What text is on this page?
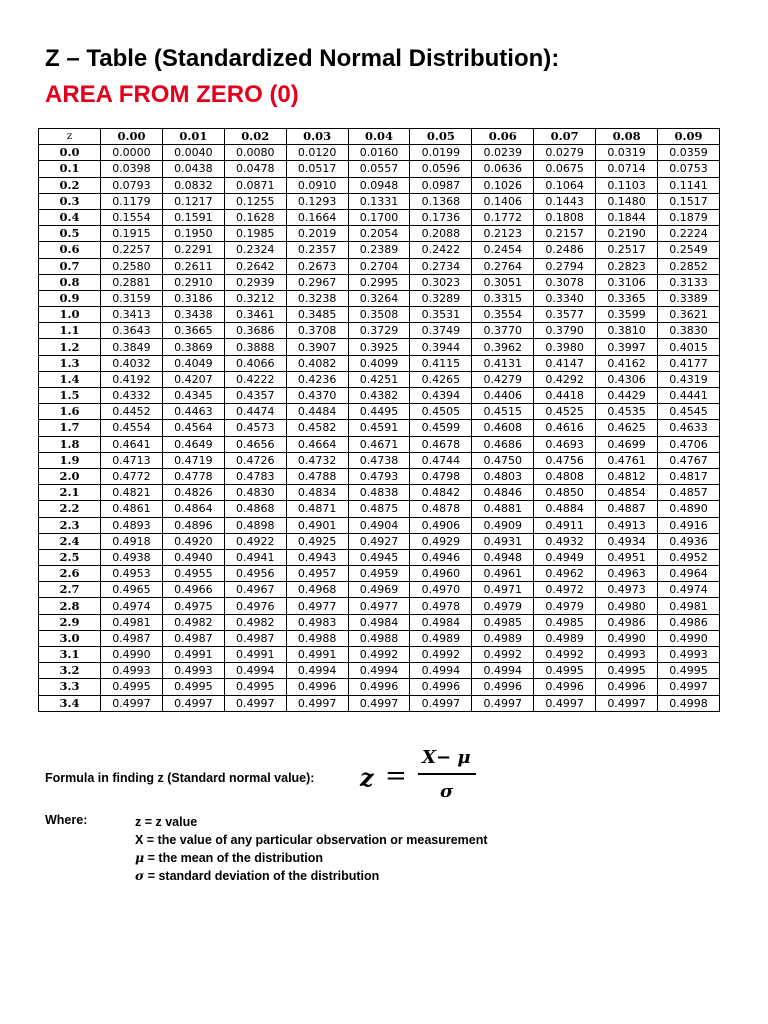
Z – Table (Standardized Normal Distribution):
AREA FROM ZERO (0)
z	0.00	0.01	0.02	0.03	0.04	0.05	0.06	0.07	0.08	0.09
0.0	0.0000	0.0040	0.0080	0.0120	0.0160	0.0199	0.0239	0.0279	0.0319	0.0359
0.1	0.0398	0.0438	0.0478	0.0517	0.0557	0.0596	0.0636	0.0675	0.0714	0.0753
0.2	0.0793	0.0832	0.0871	0.0910	0.0948	0.0987	0.1026	0.1064	0.1103	0.1141
0.3	0.1179	0.1217	0.1255	0.1293	0.1331	0.1368	0.1406	0.1443	0.1480	0.1517
0.4	0.1554	0.1591	0.1628	0.1664	0.1700	0.1736	0.1772	0.1808	0.1844	0.1879
0.5	0.1915	0.1950	0.1985	0.2019	0.2054	0.2088	0.2123	0.2157	0.2190	0.2224
0.6	0.2257	0.2291	0.2324	0.2357	0.2389	0.2422	0.2454	0.2486	0.2517	0.2549
0.7	0.2580	0.2611	0.2642	0.2673	0.2704	0.2734	0.2764	0.2794	0.2823	0.2852
0.8	0.2881	0.2910	0.2939	0.2967	0.2995	0.3023	0.3051	0.3078	0.3106	0.3133
0.9	0.3159	0.3186	0.3212	0.3238	0.3264	0.3289	0.3315	0.3340	0.3365	0.3389
1.0	0.3413	0.3438	0.3461	0.3485	0.3508	0.3531	0.3554	0.3577	0.3599	0.3621
1.1	0.3643	0.3665	0.3686	0.3708	0.3729	0.3749	0.3770	0.3790	0.3810	0.3830
1.2	0.3849	0.3869	0.3888	0.3907	0.3925	0.3944	0.3962	0.3980	0.3997	0.4015
1.3	0.4032	0.4049	0.4066	0.4082	0.4099	0.4115	0.4131	0.4147	0.4162	0.4177
1.4	0.4192	0.4207	0.4222	0.4236	0.4251	0.4265	0.4279	0.4292	0.4306	0.4319
1.5	0.4332	0.4345	0.4357	0.4370	0.4382	0.4394	0.4406	0.4418	0.4429	0.4441
1.6	0.4452	0.4463	0.4474	0.4484	0.4495	0.4505	0.4515	0.4525	0.4535	0.4545
1.7	0.4554	0.4564	0.4573	0.4582	0.4591	0.4599	0.4608	0.4616	0.4625	0.4633
1.8	0.4641	0.4649	0.4656	0.4664	0.4671	0.4678	0.4686	0.4693	0.4699	0.4706
1.9	0.4713	0.4719	0.4726	0.4732	0.4738	0.4744	0.4750	0.4756	0.4761	0.4767
2.0	0.4772	0.4778	0.4783	0.4788	0.4793	0.4798	0.4803	0.4808	0.4812	0.4817
2.1	0.4821	0.4826	0.4830	0.4834	0.4838	0.4842	0.4846	0.4850	0.4854	0.4857
2.2	0.4861	0.4864	0.4868	0.4871	0.4875	0.4878	0.4881	0.4884	0.4887	0.4890
2.3	0.4893	0.4896	0.4898	0.4901	0.4904	0.4906	0.4909	0.4911	0.4913	0.4916
2.4	0.4918	0.4920	0.4922	0.4925	0.4927	0.4929	0.4931	0.4932	0.4934	0.4936
2.5	0.4938	0.4940	0.4941	0.4943	0.4945	0.4946	0.4948	0.4949	0.4951	0.4952
2.6	0.4953	0.4955	0.4956	0.4957	0.4959	0.4960	0.4961	0.4962	0.4963	0.4964
2.7	0.4965	0.4966	0.4967	0.4968	0.4969	0.4970	0.4971	0.4972	0.4973	0.4974
2.8	0.4974	0.4975	0.4976	0.4977	0.4977	0.4978	0.4979	0.4979	0.4980	0.4981
2.9	0.4981	0.4982	0.4982	0.4983	0.4984	0.4984	0.4985	0.4985	0.4986	0.4986
3.0	0.4987	0.4987	0.4987	0.4988	0.4988	0.4989	0.4989	0.4989	0.4990	0.4990
3.1	0.4990	0.4991	0.4991	0.4991	0.4992	0.4992	0.4992	0.4992	0.4993	0.4993
3.2	0.4993	0.4993	0.4994	0.4994	0.4994	0.4994	0.4994	0.4995	0.4995	0.4995
3.3	0.4995	0.4995	0.4995	0.4996	0.4996	0.4996	0.4996	0.4996	0.4996	0.4997
3.4	0.4997	0.4997	0.4997	0.4997	0.4997	0.4997	0.4997	0.4997	0.4997	0.4998
Formula in finding z (Standard normal value): z =
X− μ
σ
Where:	z = z value
X = the value of any particular observation or measurement
μ = the mean of the distribution
σ = standard deviation of the distribution
